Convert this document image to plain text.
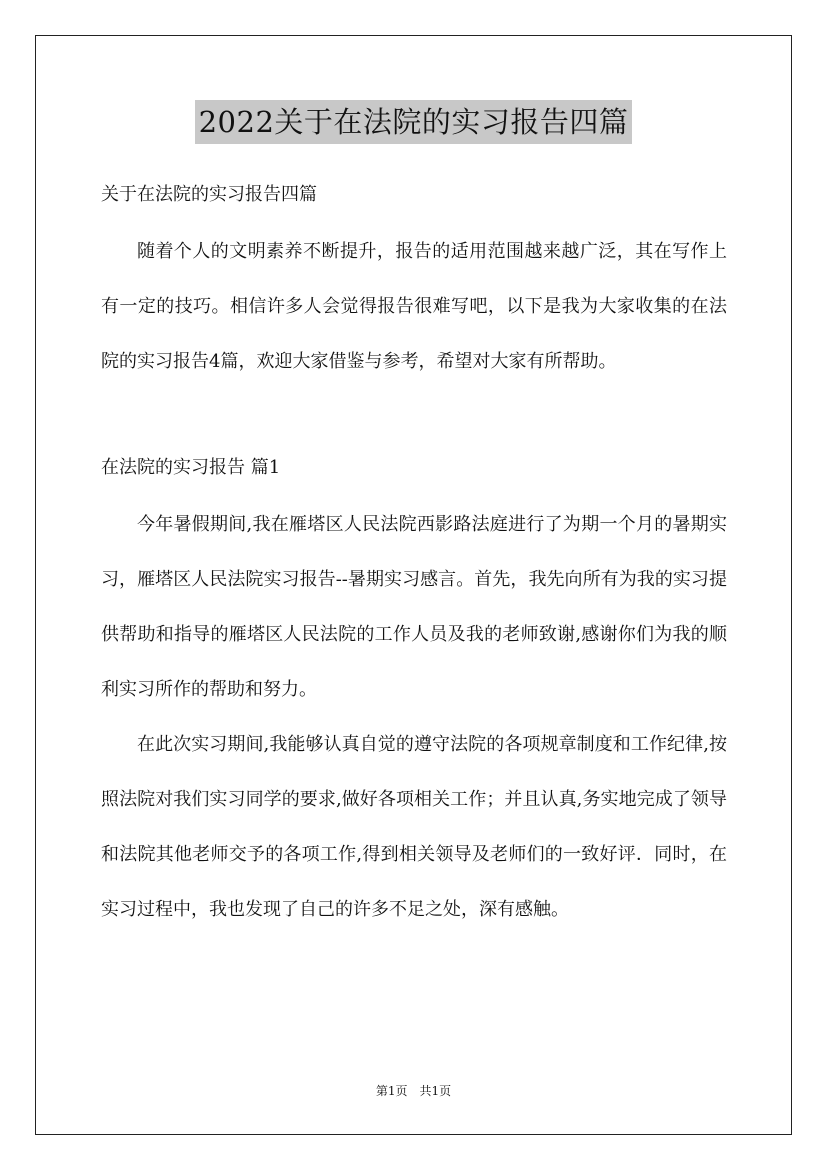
2022关于在法院的实习报告四篇
关于在法院的实习报告四篇

随着个人的文明素养不断提升，报告的适用范围越来越广泛，其在写作上有一定的技巧。相信许多人会觉得报告很难写吧，以下是我为大家收集的在法院的实习报告4篇，欢迎大家借鉴与参考，希望对大家有所帮助。

在法院的实习报告 篇1

今年暑假期间,我在雁塔区人民法院西影路法庭进行了为期一个月的暑期实习，雁塔区人民法院实习报告--暑期实习感言。首先，我先向所有为我的实习提供帮助和指导的雁塔区人民法院的工作人员及我的老师致谢,感谢你们为我的顺利实习所作的帮助和努力。

在此次实习期间,我能够认真自觉的遵守法院的各项规章制度和工作纪律,按照法院对我们实习同学的要求,做好各项相关工作；并且认真,务实地完成了领导和法院其他老师交予的各项工作,得到相关领导及老师们的一致好评．同时，在实习过程中，我也发现了自己的许多不足之处，深有感触。

第1页　共1页
